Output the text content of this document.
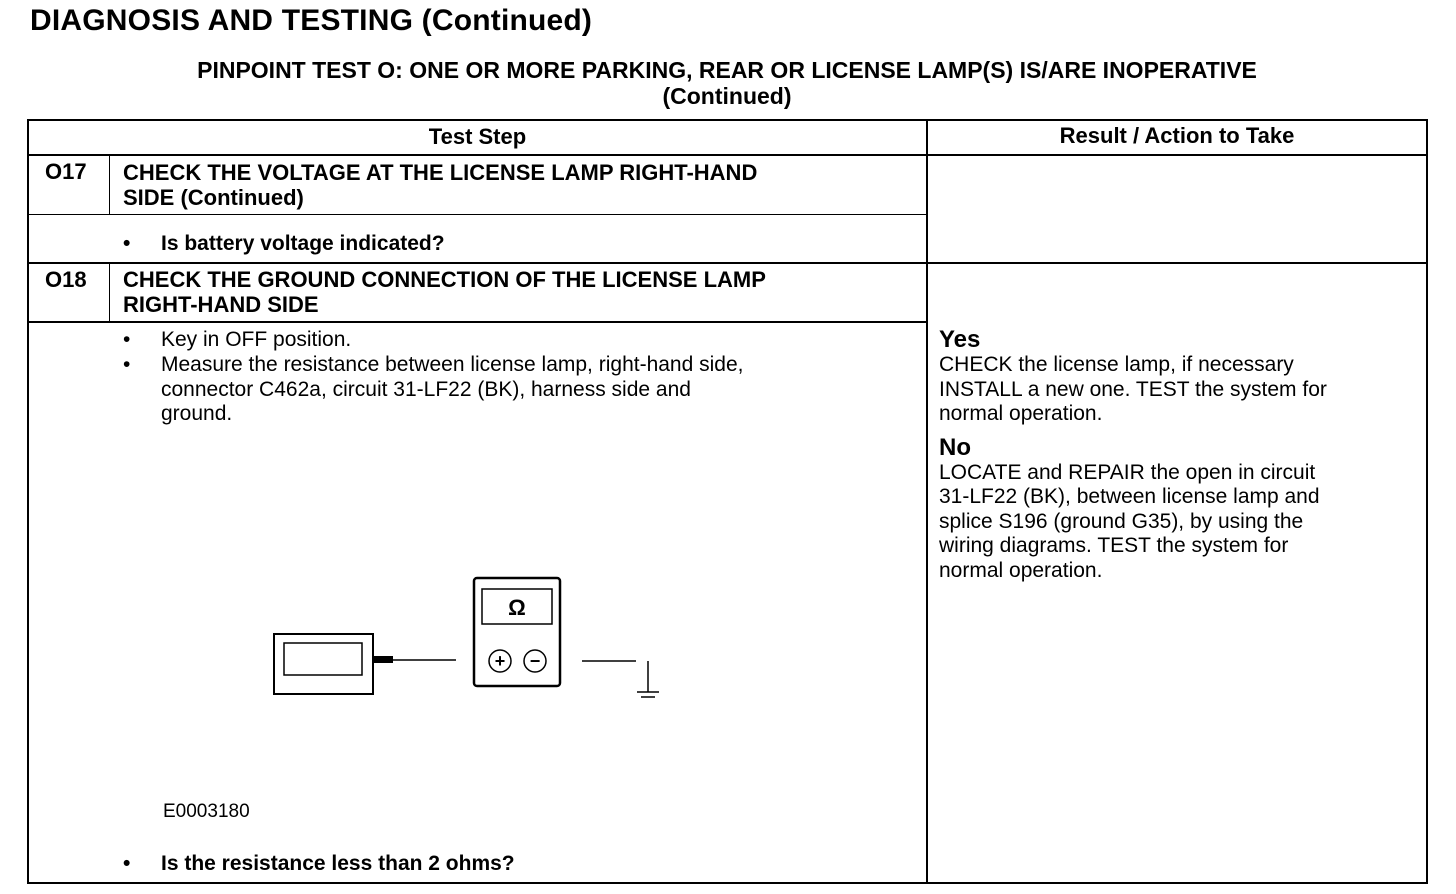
DIAGNOSIS AND TESTING (Continued)
PINPOINT TEST O: ONE OR MORE PARKING, REAR OR LICENSE LAMP(S) IS/ARE INOPERATIVE
(Continued)
Test Step	Result / Action to Take
O17 CHECK THE VOLTAGE AT THE LICENSE LAMP RIGHT-HAND
SIDE (Continued)
• Is battery voltage indicated?
O18 CHECK THE GROUND CONNECTION OF THE LICENSE LAMP
RIGHT-HAND SIDE
• Key in OFF position.
• Measure the resistance between license lamp, right-hand side,
connector C462a, circuit 31-LF22 (BK), harness side and
ground.
Ω
+ −
E0003180
• Is the resistance less than 2 ohms?
Yes
CHECK the license lamp, if necessary
INSTALL a new one. TEST the system for
normal operation.
No
LOCATE and REPAIR the open in circuit
31-LF22 (BK), between license lamp and
splice S196 (ground G35), by using the
wiring diagrams. TEST the system for
normal operation.
